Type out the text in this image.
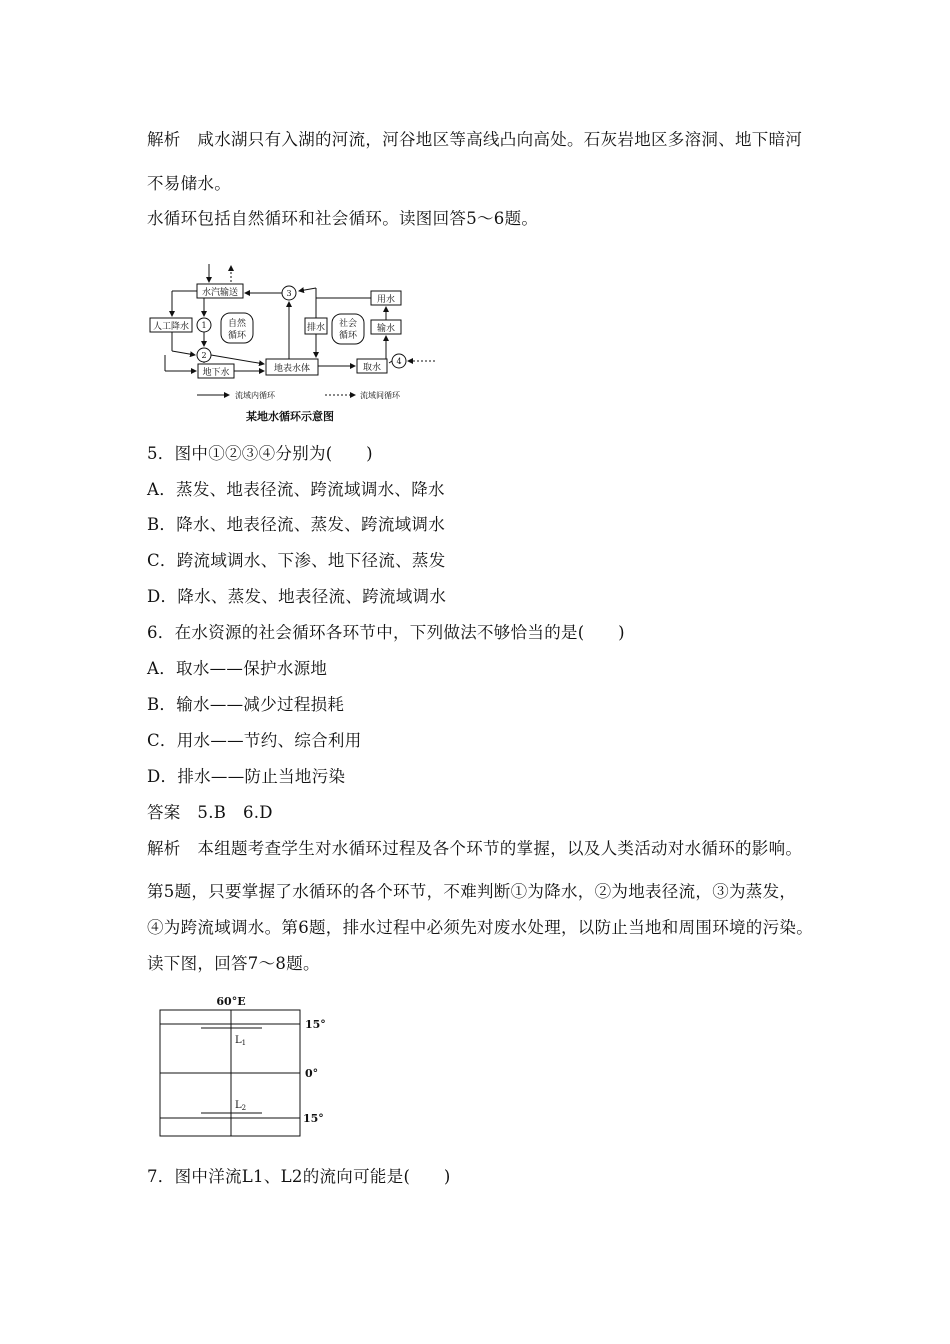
解析　咸水湖只有入湖的河流，河谷地区等高线凸向高处。石灰岩地区多溶洞、地下暗河
不易储水。
水循环包括自然循环和社会循环。读图回答5～6题。
水汽输送
人工降水
地下水	地表水体
排水
用水
输水
取水
自然
循环
社会
循环
1
2
3
4
流域内循环	流域间循环
某地水循环示意图
5．图中①②③④分别为(　　)
A．蒸发、地表径流、跨流域调水、降水
B．降水、地表径流、蒸发、跨流域调水
C．跨流域调水、下渗、地下径流、蒸发
D．降水、蒸发、地表径流、跨流域调水
6．在水资源的社会循环各环节中，下列做法不够恰当的是(　　)
A．取水——保护水源地
B．输水——减少过程损耗
C．用水——节约、综合利用
D．排水——防止当地污染
答案　5.B　6.D
解析　本组题考查学生对水循环过程及各个环节的掌握，以及人类活动对水循环的影响。
第5题，只要掌握了水循环的各个环节，不难判断①为降水，②为地表径流，③为蒸发，
④为跨流域调水。第6题，排水过程中必须先对废水处理，以防止当地和周围环境的污染。
读下图，回答7～8题。
60°E
15°
0°
15°
$L_1$
$L_2$
7．图中洋流L1、L2的流向可能是(　　)
